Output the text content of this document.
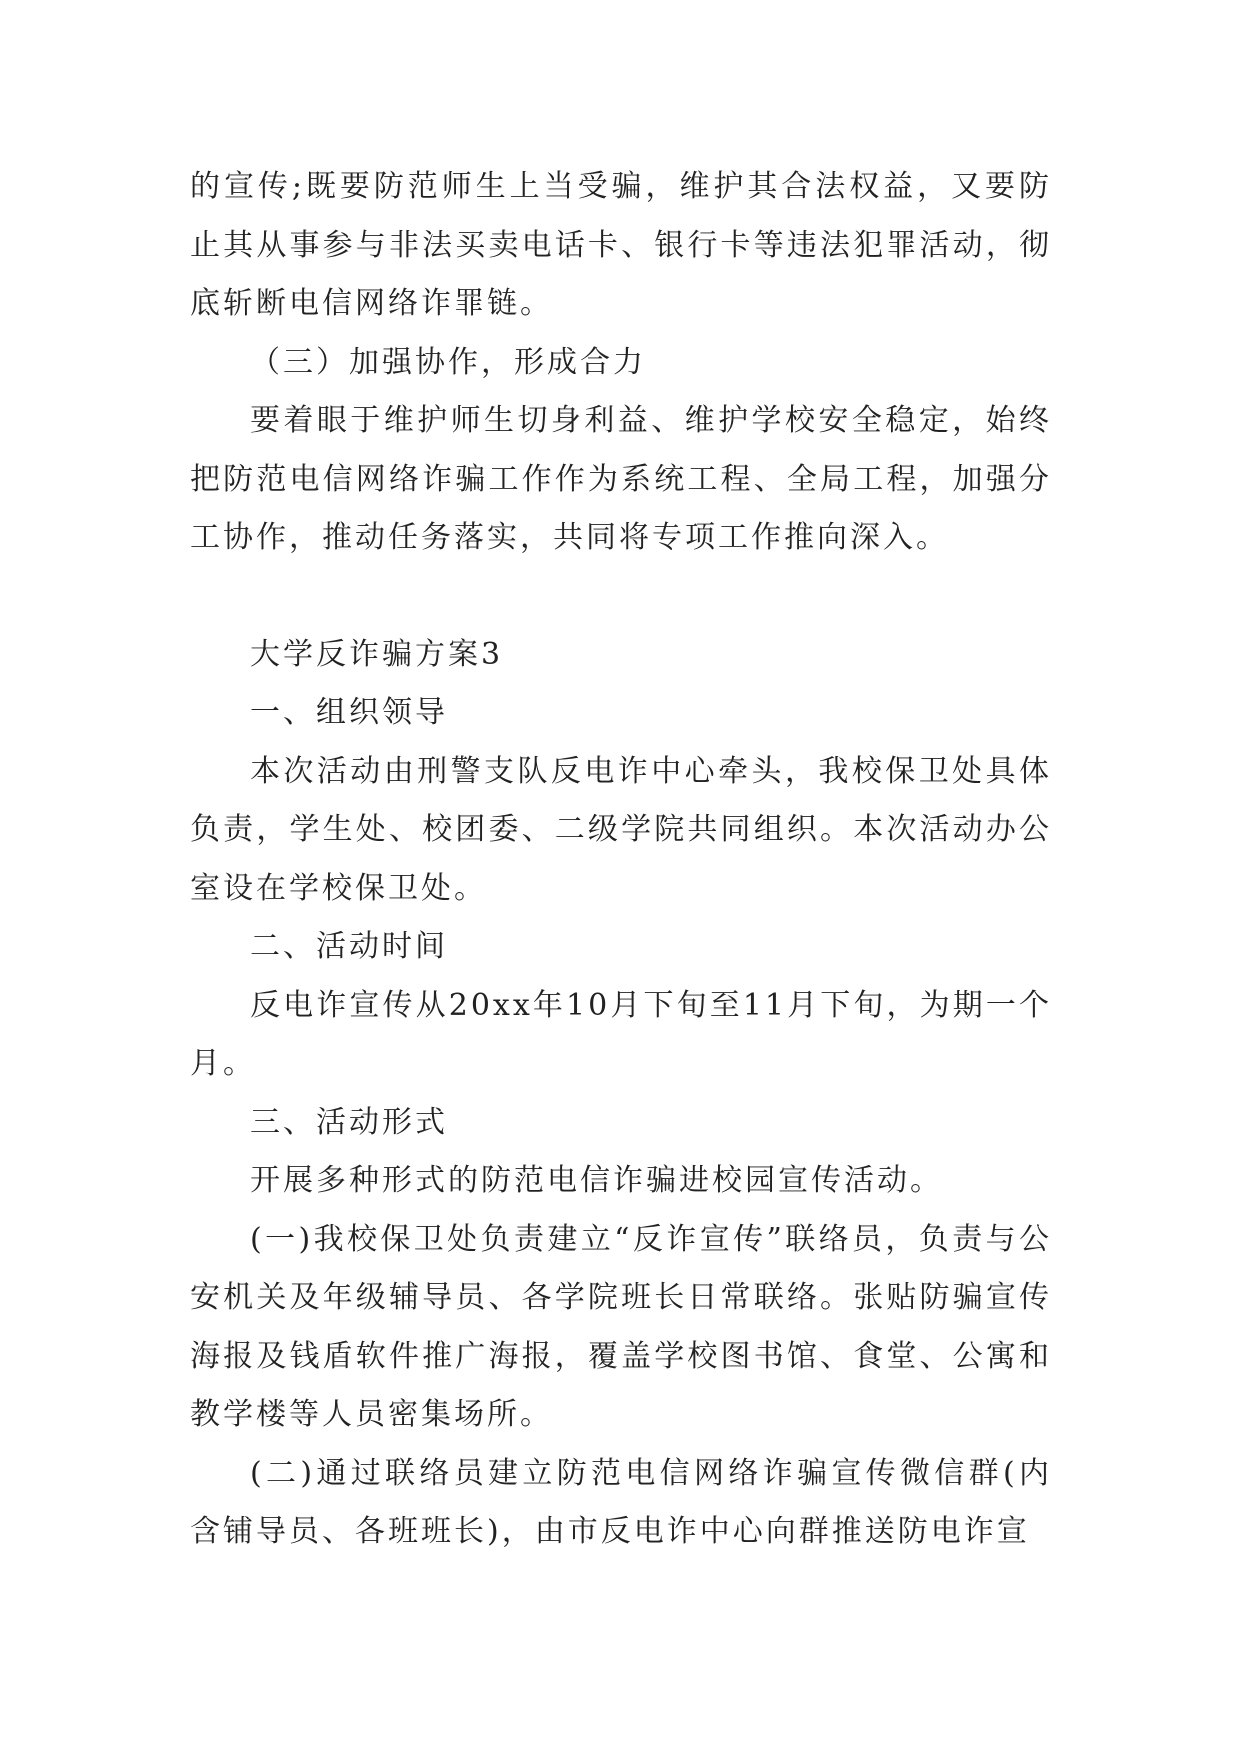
的宣传;既要防范师生上当受骗，维护其合法权益，又要防止其从事参与非法买卖电话卡、银行卡等违法犯罪活动，彻底斩断电信网络诈罪链。

（三）加强协作，形成合力

要着眼于维护师生切身利益、维护学校安全稳定，始终把防范电信网络诈骗工作作为系统工程、全局工程，加强分工协作，推动任务落实，共同将专项工作推向深入。

大学反诈骗方案3

一、组织领导

本次活动由刑警支队反电诈中心牵头，我校保卫处具体负责，学生处、校团委、二级学院共同组织。本次活动办公室设在学校保卫处。

二、活动时间

反电诈宣传从20xx年10月下旬至11月下旬，为期一个月。

三、活动形式

开展多种形式的防范电信诈骗进校园宣传活动。

(一)我校保卫处负责建立“反诈宣传”联络员，负责与公安机关及年级辅导员、各学院班长日常联络。张贴防骗宣传海报及钱盾软件推广海报，覆盖学校图书馆、食堂、公寓和教学楼等人员密集场所。

(二)通过联络员建立防范电信网络诈骗宣传微信群(内含铺导员、各班班长)，由市反电诈中心向群推送防电诈宣
